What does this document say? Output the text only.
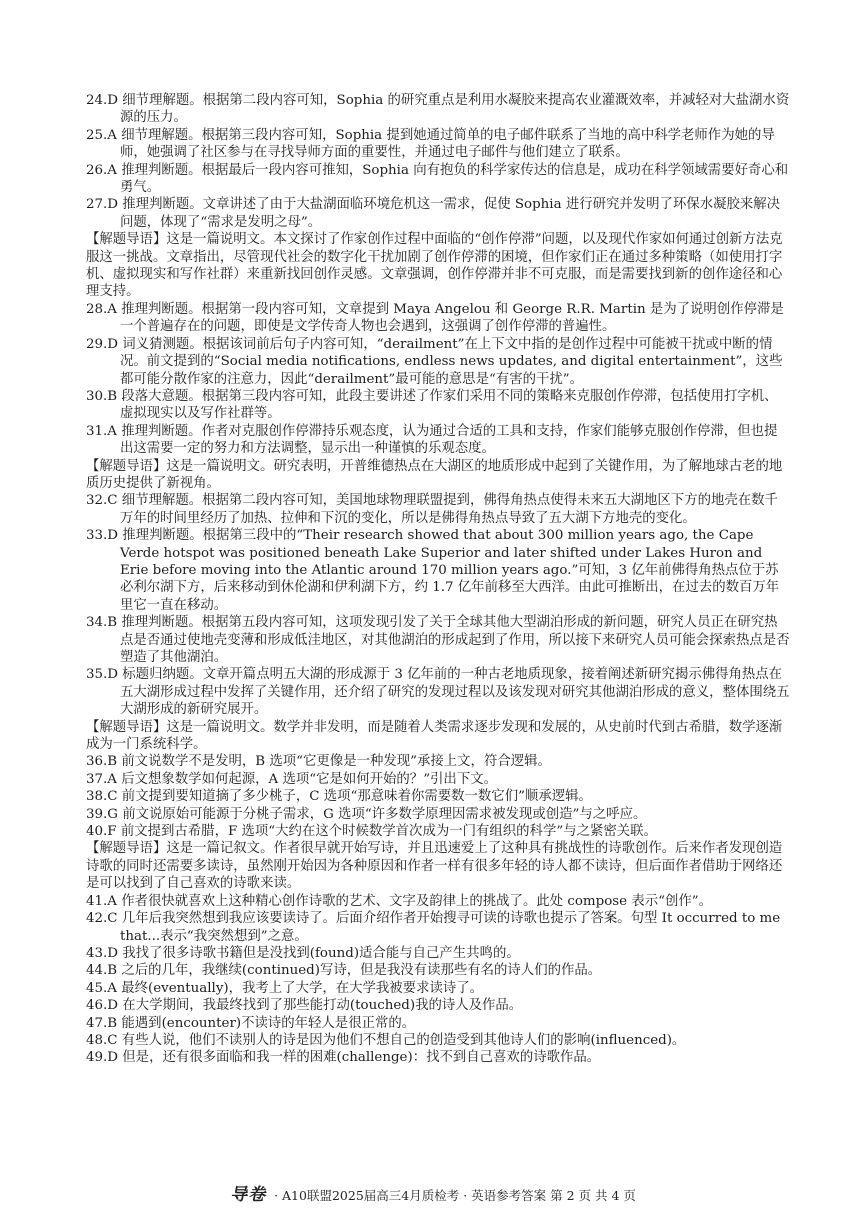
24.D 细节理解题。根据第二段内容可知，Sophia 的研究重点是利用水凝胶来提高农业灌溉效率，并减轻对大盐湖水资源的压力。

25.A 细节理解题。根据第三段内容可知，Sophia 提到她通过简单的电子邮件联系了当地的高中科学老师作为她的导师，她强调了社区参与在寻找导师方面的重要性，并通过电子邮件与他们建立了联系。

26.A 推理判断题。根据最后一段内容可推知，Sophia 向有抱负的科学家传达的信息是，成功在科学领域需要好奇心和勇气。

27.D 推理判断题。文章讲述了由于大盐湖面临环境危机这一需求，促使 Sophia 进行研究并发明了环保水凝胶来解决问题，体现了“需求是发明之母”。

【解题导语】这是一篇说明文。本文探讨了作家创作过程中面临的“创作停滞”问题，以及现代作家如何通过创新方法克服这一挑战。文章指出，尽管现代社会的数字化干扰加剧了创作停滞的困境，但作家们正在通过多种策略（如使用打字机、虚拟现实和写作社群）来重新找回创作灵感。文章强调，创作停滞并非不可克服，而是需要找到新的创作途径和心理支持。

28.A 推理判断题。根据第一段内容可知，文章提到 Maya Angelou 和 George R.R. Martin 是为了说明创作停滞是一个普遍存在的问题，即使是文学传奇人物也会遇到，这强调了创作停滞的普遍性。

29.D 词义猜测题。根据该词前后句子内容可知，“derailment”在上下文中指的是创作过程中可能被干扰或中断的情况。前文提到的“Social media notifications, endless news updates, and digital entertainment”，这些都可能分散作家的注意力，因此“derailment”最可能的意思是“有害的干扰”。

30.B 段落大意题。根据第三段内容可知，此段主要讲述了作家们采用不同的策略来克服创作停滞，包括使用打字机、虚拟现实以及写作社群等。

31.A 推理判断题。作者对克服创作停滞持乐观态度，认为通过合适的工具和支持，作家们能够克服创作停滞，但也提出这需要一定的努力和方法调整，显示出一种谨慎的乐观态度。

【解题导语】这是一篇说明文。研究表明，开普维德热点在大湖区的地质形成中起到了关键作用，为了解地球古老的地质历史提供了新视角。

32.C 细节理解题。根据第二段内容可知，美国地球物理联盟提到，佛得角热点使得未来五大湖地区下方的地壳在数千万年的时间里经历了加热、拉伸和下沉的变化，所以是佛得角热点导致了五大湖下方地壳的变化。

33.D 推理判断题。根据第三段中的“Their research showed that about 300 million years ago, the Cape Verde hotspot was positioned beneath Lake Superior and later shifted under Lakes Huron and Erie before moving into the Atlantic around 170 million years ago.”可知，3 亿年前佛得角热点位于苏必利尔湖下方，后来移动到休伦湖和伊利湖下方，约 1.7 亿年前移至大西洋。由此可推断出，在过去的数百万年里它一直在移动。

34.B 推理判断题。根据第五段内容可知，这项发现引发了关于全球其他大型湖泊形成的新问题，研究人员正在研究热点是否通过使地壳变薄和形成低洼地区，对其他湖泊的形成起到了作用，所以接下来研究人员可能会探索热点是否塑造了其他湖泊。

35.D 标题归纳题。文章开篇点明五大湖的形成源于 3 亿年前的一种古老地质现象，接着阐述新研究揭示佛得角热点在五大湖形成过程中发挥了关键作用，还介绍了研究的发现过程以及该发现对研究其他湖泊形成的意义，整体围绕五大湖形成的新研究展开。

【解题导语】这是一篇说明文。数学并非发明，而是随着人类需求逐步发现和发展的，从史前时代到古希腊，数学逐渐成为一门系统科学。

36.B 前文说数学不是发明，B 选项“它更像是一种发现”承接上文，符合逻辑。

37.A 后文想象数学如何起源，A 选项“它是如何开始的？”引出下文。

38.C 前文提到要知道摘了多少桃子，C 选项“那意味着你需要数一数它们”顺承逻辑。

39.G 前文说原始可能源于分桃子需求，G 选项“许多数学原理因需求被发现或创造”与之呼应。

40.F 前文提到古希腊，F 选项“大约在这个时候数学首次成为一门有组织的科学”与之紧密关联。

【解题导语】这是一篇记叙文。作者很早就开始写诗，并且迅速爱上了这种具有挑战性的诗歌创作。后来作者发现创造诗歌的同时还需要多读诗，虽然刚开始因为各种原因和作者一样有很多年轻的诗人都不读诗，但后面作者借助于网络还是可以找到了自己喜欢的诗歌来读。

41.A 作者很快就喜欢上这种精心创作诗歌的艺术、文字及韵律上的挑战了。此处 compose 表示“创作”。

42.C 几年后我突然想到我应该要读诗了。后面介绍作者开始搜寻可读的诗歌也提示了答案。句型 It occurred to me that...表示“我突然想到”之意。

43.D 我找了很多诗歌书籍但是没找到(found)适合能与自己产生共鸣的。

44.B 之后的几年，我继续(continued)写诗，但是我没有读那些有名的诗人们的作品。

45.A 最终(eventually)，我考上了大学，在大学我被要求读诗了。

46.D 在大学期间，我最终找到了那些能打动(touched)我的诗人及作品。

47.B 能遇到(encounter)不读诗的年轻人是很正常的。

48.C 有些人说，他们不读别人的诗是因为他们不想自己的创造受到其他诗人们的影响(influenced)。

49.D 但是，还有很多面临和我一样的困难(challenge)：找不到自己喜欢的诗歌作品。

导卷 · A10联盟2025届高三4月质检考 · 英语参考答案 第 2 页 共 4 页
